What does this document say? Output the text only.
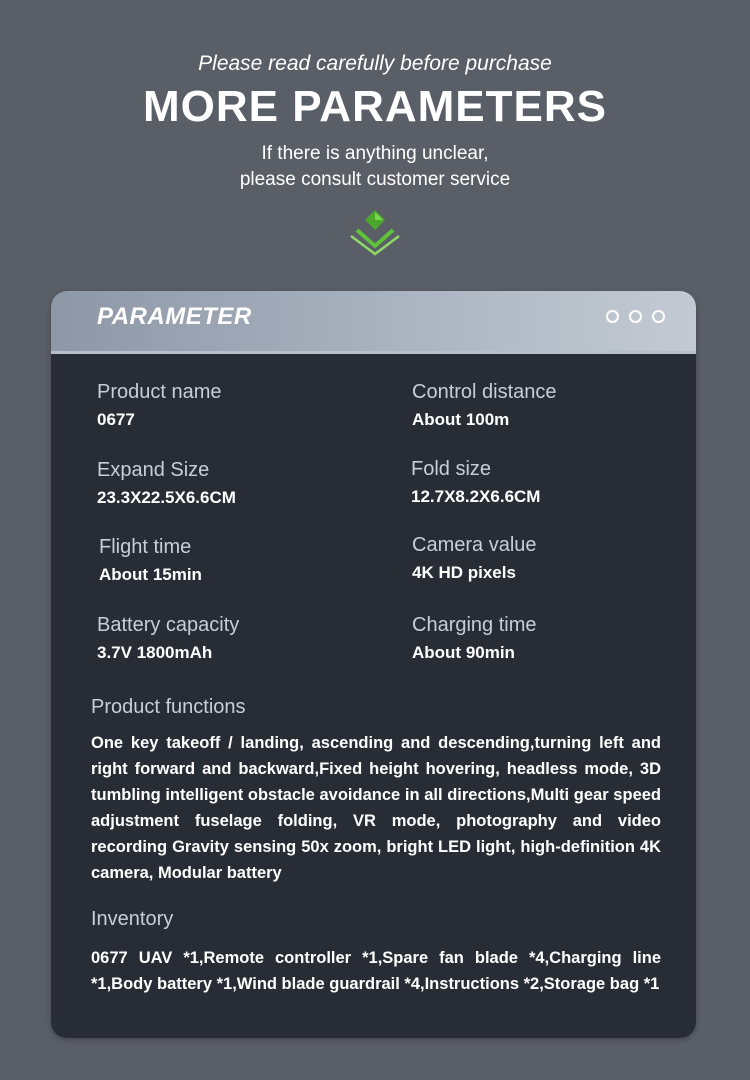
Please read carefully before purchase
MORE PARAMETERS
If there is anything unclear,
please consult customer service
PARAMETER
Product name
0677
Control distance
About 100m
Expand Size
23.3X22.5X6.6CM
Fold size
12.7X8.2X6.6CM
Flight time
About 15min
Camera value
4K HD pixels
Battery capacity
3.7V 1800mAh
Charging time
About 90min
Product functions
One key takeoff / landing, ascending and descending,turning left and right forward and backward,Fixed height hovering, headless mode, 3D tumbling intelligent obstacle avoidance in all directions,Multi gear speed adjustment fuselage folding, VR mode, photography and video recording Gravity sensing 50x zoom, bright LED light, high-definition 4K camera, Modular battery
Inventory
0677 UAV *1,Remote controller *1,Spare fan blade *4,Charging line *1,Body battery *1,Wind blade guardrail *4,Instructions *2,Storage bag *1
